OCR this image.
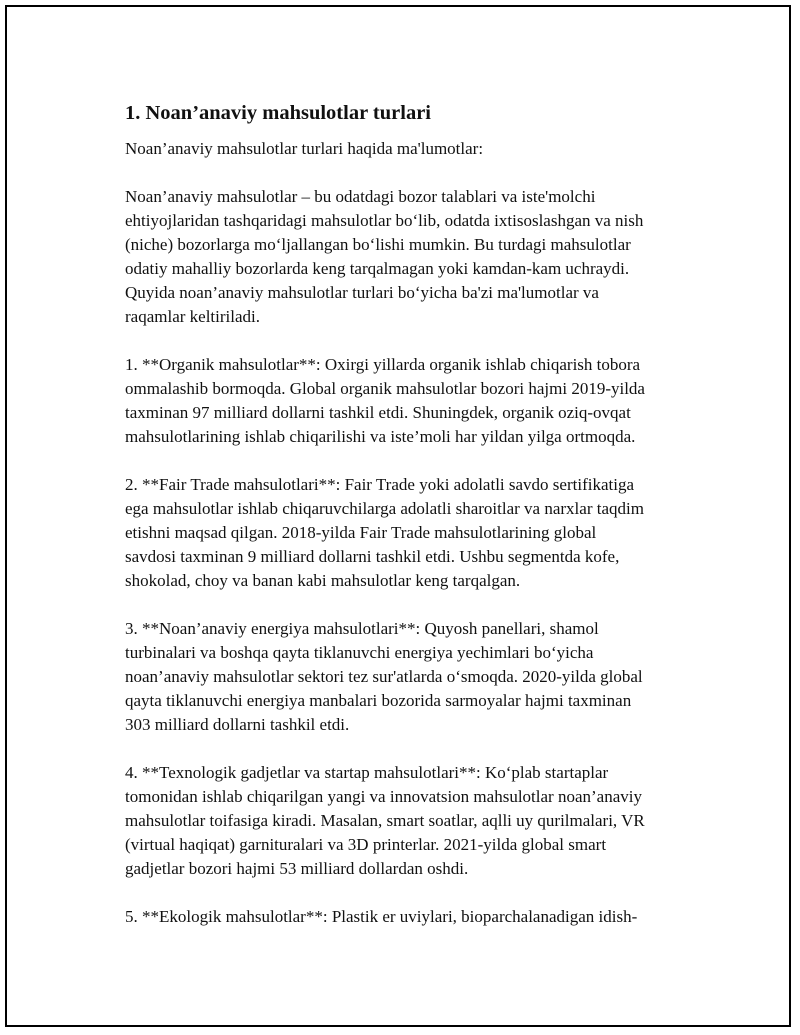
1. Noan’anaviy mahsulotlar turlari
Noan’anaviy mahsulotlar turlari haqida ma'lumotlar:
Noan’anaviy mahsulotlar – bu odatdagi bozor talablari va iste'molchi
ehtiyojlaridan tashqaridagi mahsulotlar bo‘lib, odatda ixtisoslashgan va nish
(niche) bozorlarga mo‘ljallangan bo‘lishi mumkin. Bu turdagi mahsulotlar
odatiy mahalliy bozorlarda keng tarqalmagan yoki kamdan-kam uchraydi.
Quyida noan’anaviy mahsulotlar turlari bo‘yicha ba'zi ma'lumotlar va
raqamlar keltiriladi.
1. **Organik mahsulotlar**: Oxirgi yillarda organik ishlab chiqarish tobora
ommalashib bormoqda. Global organik mahsulotlar bozori hajmi 2019-yilda
taxminan 97 milliard dollarni tashkil etdi. Shuningdek, organik oziq-ovqat
mahsulotlarining ishlab chiqarilishi va iste’moli har yildan yilga ortmoqda.
2. **Fair Trade mahsulotlari**: Fair Trade yoki adolatli savdo sertifikatiga
ega mahsulotlar ishlab chiqaruvchilarga adolatli sharoitlar va narxlar taqdim
etishni maqsad qilgan. 2018-yilda Fair Trade mahsulotlarining global
savdosi taxminan 9 milliard dollarni tashkil etdi. Ushbu segmentda kofe,
shokolad, choy va banan kabi mahsulotlar keng tarqalgan.
3. **Noan’anaviy energiya mahsulotlari**: Quyosh panellari, shamol
turbinalari va boshqa qayta tiklanuvchi energiya yechimlari bo‘yicha
noan’anaviy mahsulotlar sektori tez sur'atlarda o‘smoqda. 2020-yilda global
qayta tiklanuvchi energiya manbalari bozorida sarmoyalar hajmi taxminan
303 milliard dollarni tashkil etdi.
4. **Texnologik gadjetlar va startap mahsulotlari**: Ko‘plab startaplar
tomonidan ishlab chiqarilgan yangi va innovatsion mahsulotlar noan’anaviy
mahsulotlar toifasiga kiradi. Masalan, smart soatlar, aqlli uy qurilmalari, VR
(virtual haqiqat) garnituralari va 3D printerlar. 2021-yilda global smart
gadjetlar bozori hajmi 53 milliard dollardan oshdi.
5. **Ekologik mahsulotlar**: Plastik er uviylari, bioparchalanadigan idish-
